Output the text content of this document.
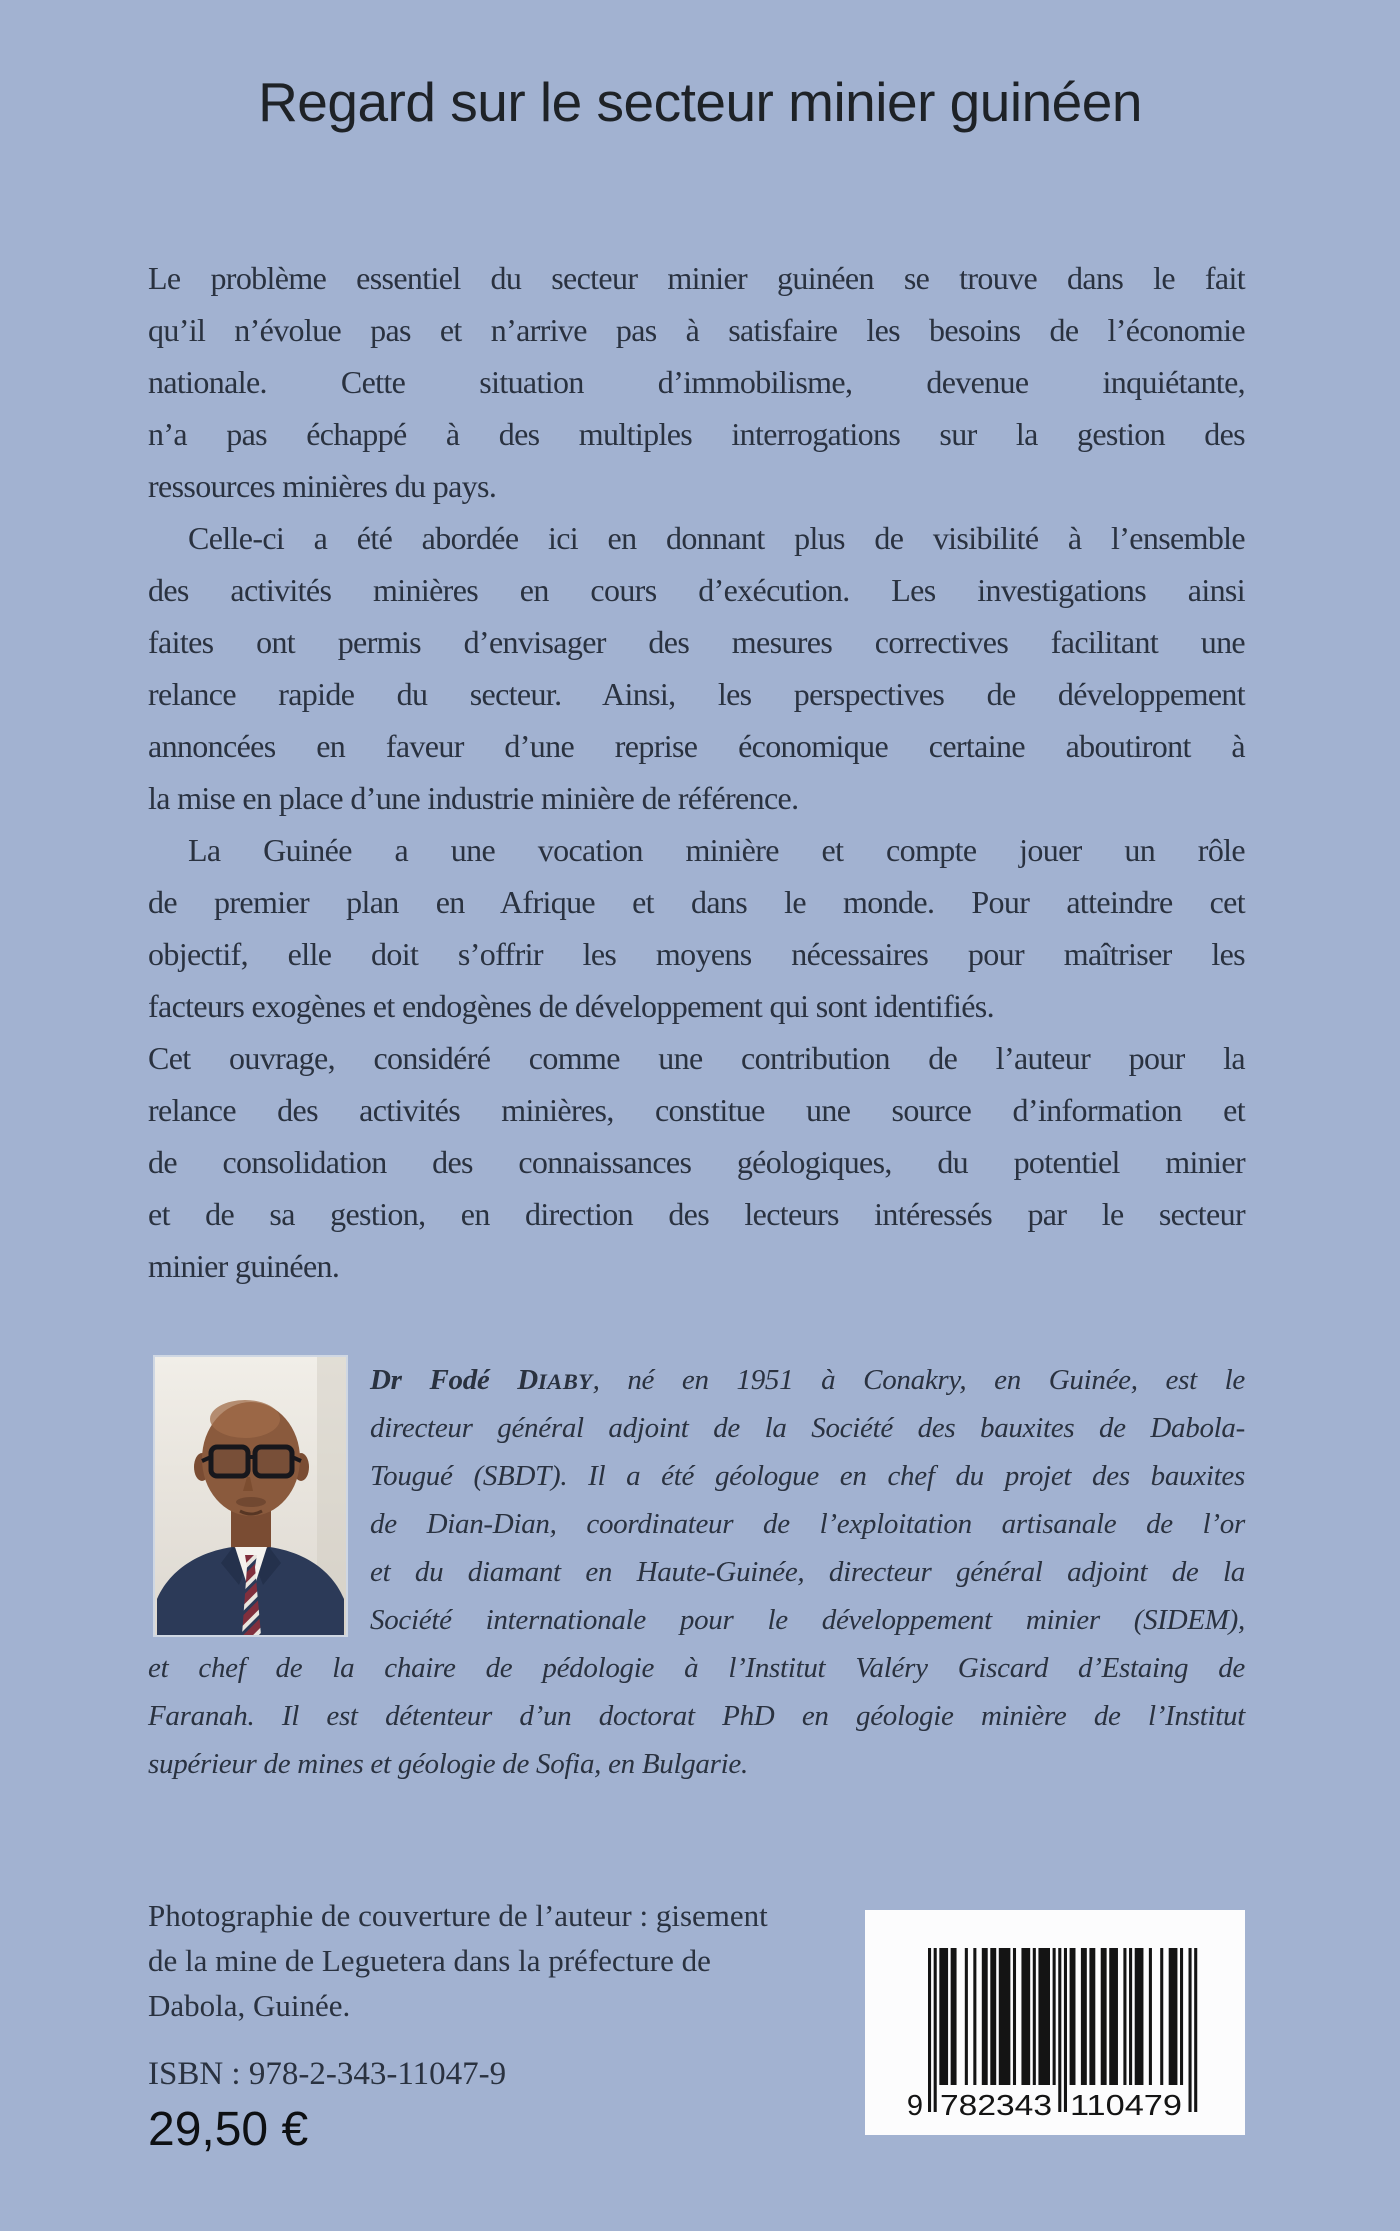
Regard sur le secteur minier guinéen
Le problème essentiel du secteur minier guinéen se trouve dans le fait
qu’il n’évolue pas et n’arrive pas à satisfaire les besoins de l’économie
nationale. Cette situation d’immobilisme, devenue inquiétante,
n’a pas échappé à des multiples interrogations sur la gestion des
ressources minières du pays.
Celle-ci a été abordée ici en donnant plus de visibilité à l’ensemble
des activités minières en cours d’exécution. Les investigations ainsi
faites ont permis d’envisager des mesures correctives facilitant une
relance rapide du secteur. Ainsi, les perspectives de développement
annoncées en faveur d’une reprise économique certaine aboutiront à
la mise en place d’une industrie minière de référence.
La Guinée a une vocation minière et compte jouer un rôle
de premier plan en Afrique et dans le monde. Pour atteindre cet
objectif, elle doit s’offrir les moyens nécessaires pour maîtriser les
facteurs exogènes et endogènes de développement qui sont identifiés.
Cet ouvrage, considéré comme une contribution de l’auteur pour la
relance des activités minières, constitue une source d’information et
de consolidation des connaissances géologiques, du potentiel minier
et de sa gestion, en direction des lecteurs intéressés par le secteur
minier guinéen.
Dr Fodé DIABY, né en 1951 à Conakry, en Guinée, est le
directeur général adjoint de la Société des bauxites de Dabola-
Tougué (SBDT). Il a été géologue en chef du projet des bauxites
de Dian-Dian, coordinateur de l’exploitation artisanale de l’or
et du diamant en Haute-Guinée, directeur général adjoint de la
Société internationale pour le développement minier (SIDEM),
et chef de la chaire de pédologie à l’Institut Valéry Giscard d’Estaing de
Faranah. Il est détenteur d’un doctorat PhD en géologie minière de l’Institut
supérieur de mines et géologie de Sofia, en Bulgarie.
Photographie de couverture de l’auteur : gisement
de la mine de Leguetera dans la préfecture de
Dabola, Guinée.
ISBN : 978-2-343-11047-9
29,50 €	9 782343 110479
